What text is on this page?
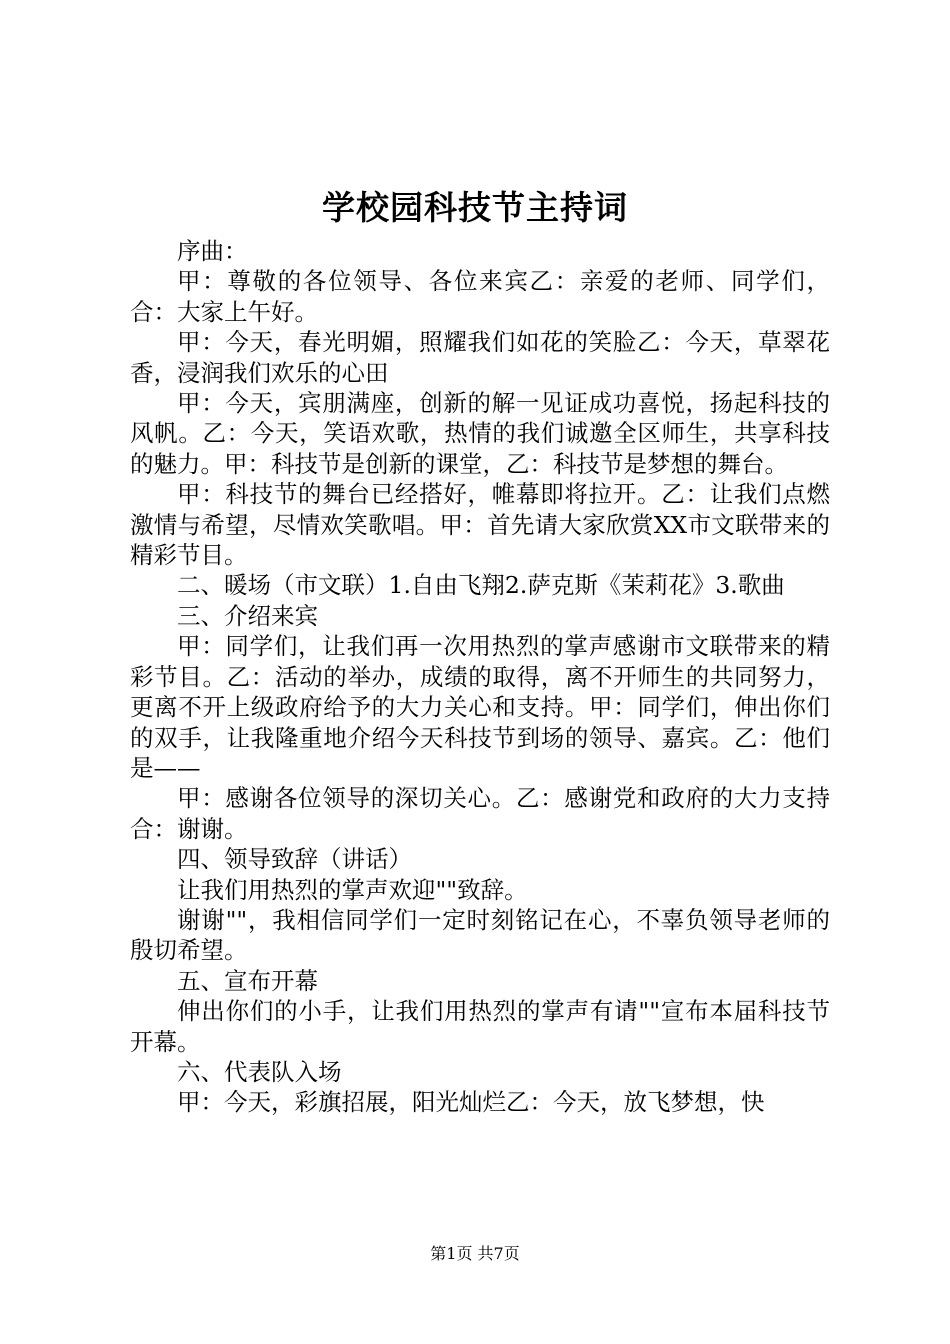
学校园科技节主持词

序曲：

甲：尊敬的各位领导、各位来宾乙：亲爱的老师、同学们，合：大家上午好。

甲：今天，春光明媚，照耀我们如花的笑脸乙：今天，草翠花香，浸润我们欢乐的心田

甲：今天，宾朋满座，创新的解一见证成功喜悦，扬起科技的风帆。乙：今天，笑语欢歌，热情的我们诚邀全区师生，共享科技的魅力。甲：科技节是创新的课堂，乙：科技节是梦想的舞台。

甲：科技节的舞台已经搭好，帷幕即将拉开。乙：让我们点燃激情与希望，尽情欢笑歌唱。甲：首先请大家欣赏XX市文联带来的精彩节目。

二、暖场（市文联）1.自由飞翔2.萨克斯《茉莉花》3.歌曲

三、介绍来宾

甲：同学们，让我们再一次用热烈的掌声感谢市文联带来的精彩节目。乙：活动的举办，成绩的取得，离不开师生的共同努力，更离不开上级政府给予的大力关心和支持。甲：同学们，伸出你们的双手，让我隆重地介绍今天科技节到场的领导、嘉宾。乙：他们是——

甲：感谢各位领导的深切关心。乙：感谢党和政府的大力支持合：谢谢。

四、领导致辞（讲话）

让我们用热烈的掌声欢迎""致辞。

谢谢""，我相信同学们一定时刻铭记在心，不辜负领导老师的殷切希望。

五、宣布开幕

伸出你们的小手，让我们用热烈的掌声有请""宣布本届科技节开幕。

六、代表队入场

甲：今天，彩旗招展，阳光灿烂乙：今天，放飞梦想，快

第1页 共7页
